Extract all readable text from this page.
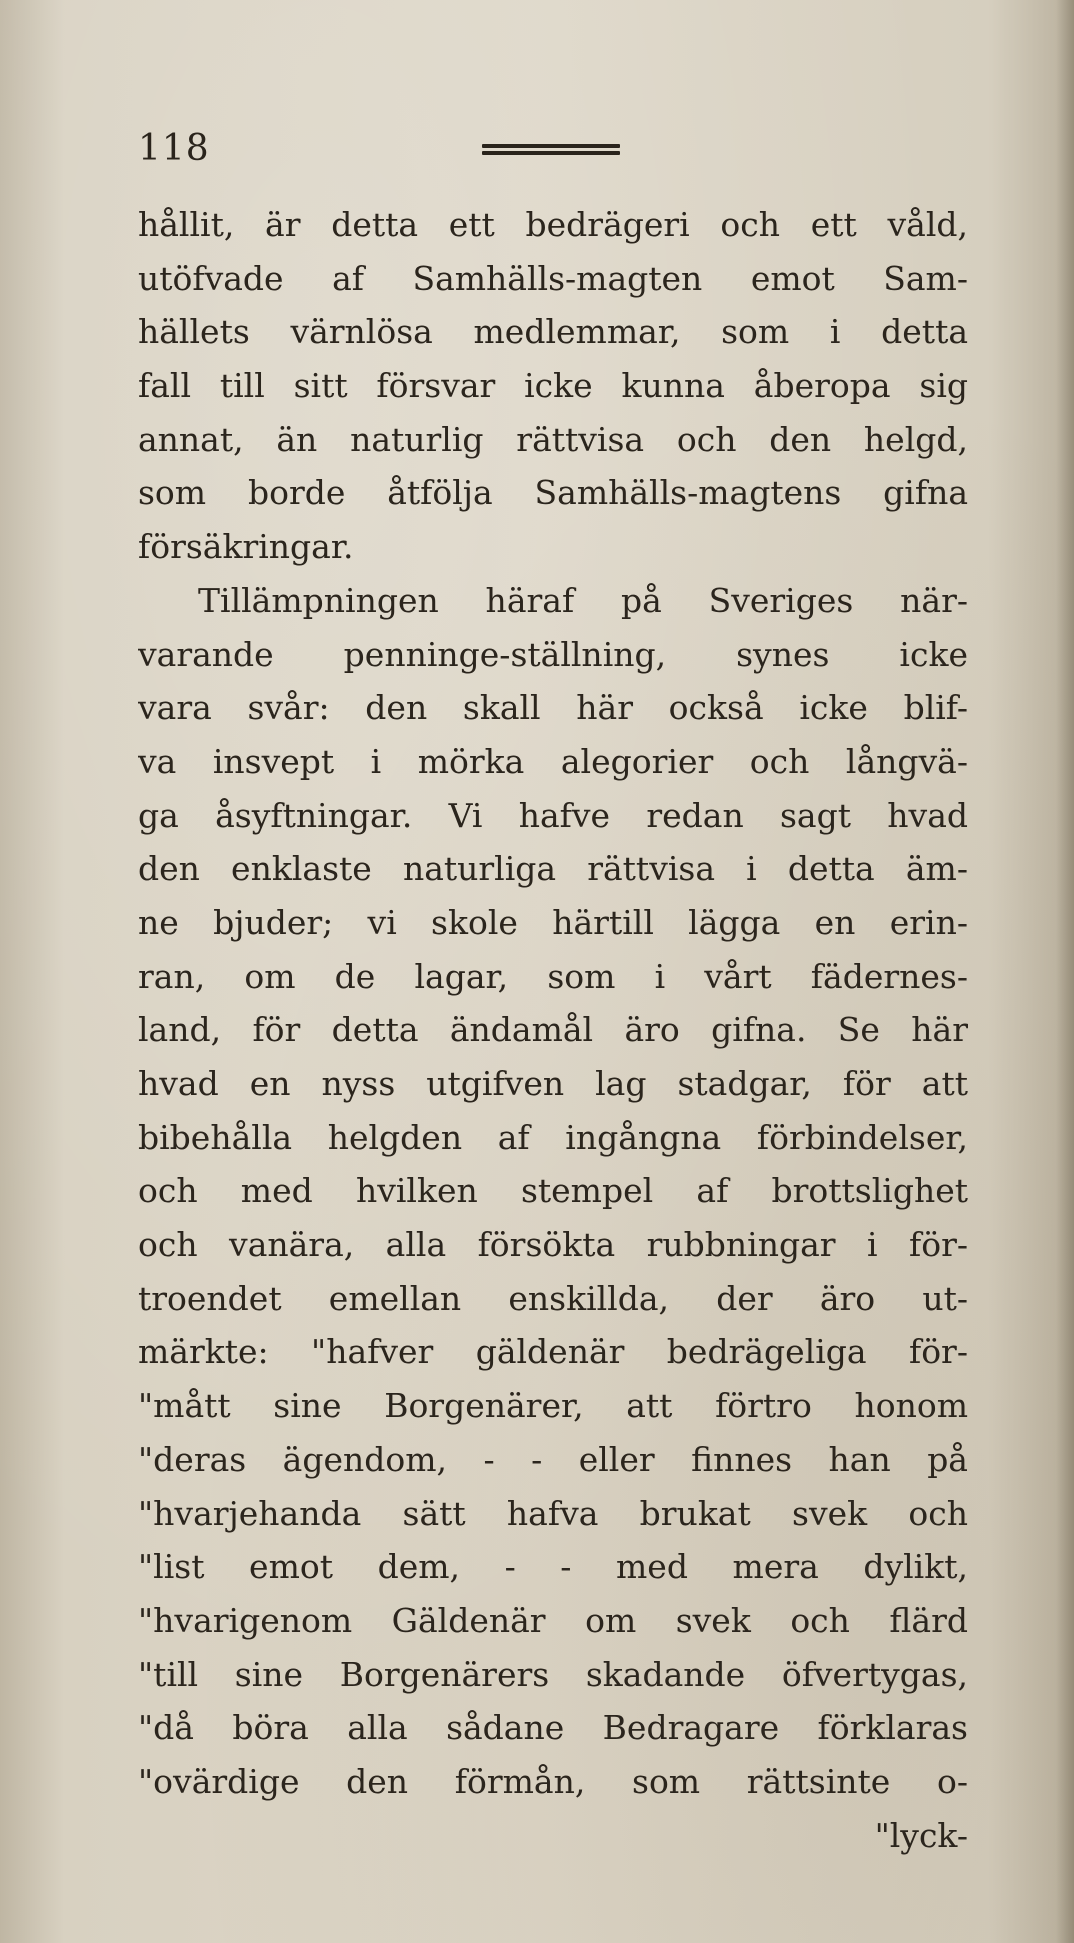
118
hållit, är detta ett bedrägeri och ett våld,
utöfvade af Samhälls-magten emot Sam-
hällets värnlösa medlemmar, som i detta
fall till sitt försvar icke kunna åberopa sig
annat, än naturlig rättvisa och den helgd,
som borde åtfölja Samhälls-magtens gifna
försäkringar.
Tillämpningen häraf på Sveriges när-
varande penninge-ställning, synes icke
vara svår: den skall här också icke blif-
va insvept i mörka alegorier och långvä-
ga åsyftningar. Vi hafve redan sagt hvad
den enklaste naturliga rättvisa i detta äm-
ne bjuder; vi skole härtill lägga en erin-
ran, om de lagar, som i vårt fädernes-
land, för detta ändamål äro gifna. Se här
hvad en nyss utgifven lag stadgar, för att
bibehålla helgden af ingångna förbindelser,
och med hvilken stempel af brottslighet
och vanära, alla försökta rubbningar i för-
troendet emellan enskillda, der äro ut-
märkte: "hafver gäldenär bedrägeliga för-
"mått sine Borgenärer, att förtro honom
"deras ägendom, - - eller finnes han på
"hvarjehanda sätt hafva brukat svek och
"list emot dem, - - med mera dylikt,
"hvarigenom Gäldenär om svek och flärd
"till sine Borgenärers skadande öfvertygas,
"då böra alla sådane Bedragare förklaras
"ovärdige den förmån, som rättsinte o-
"lyck-
